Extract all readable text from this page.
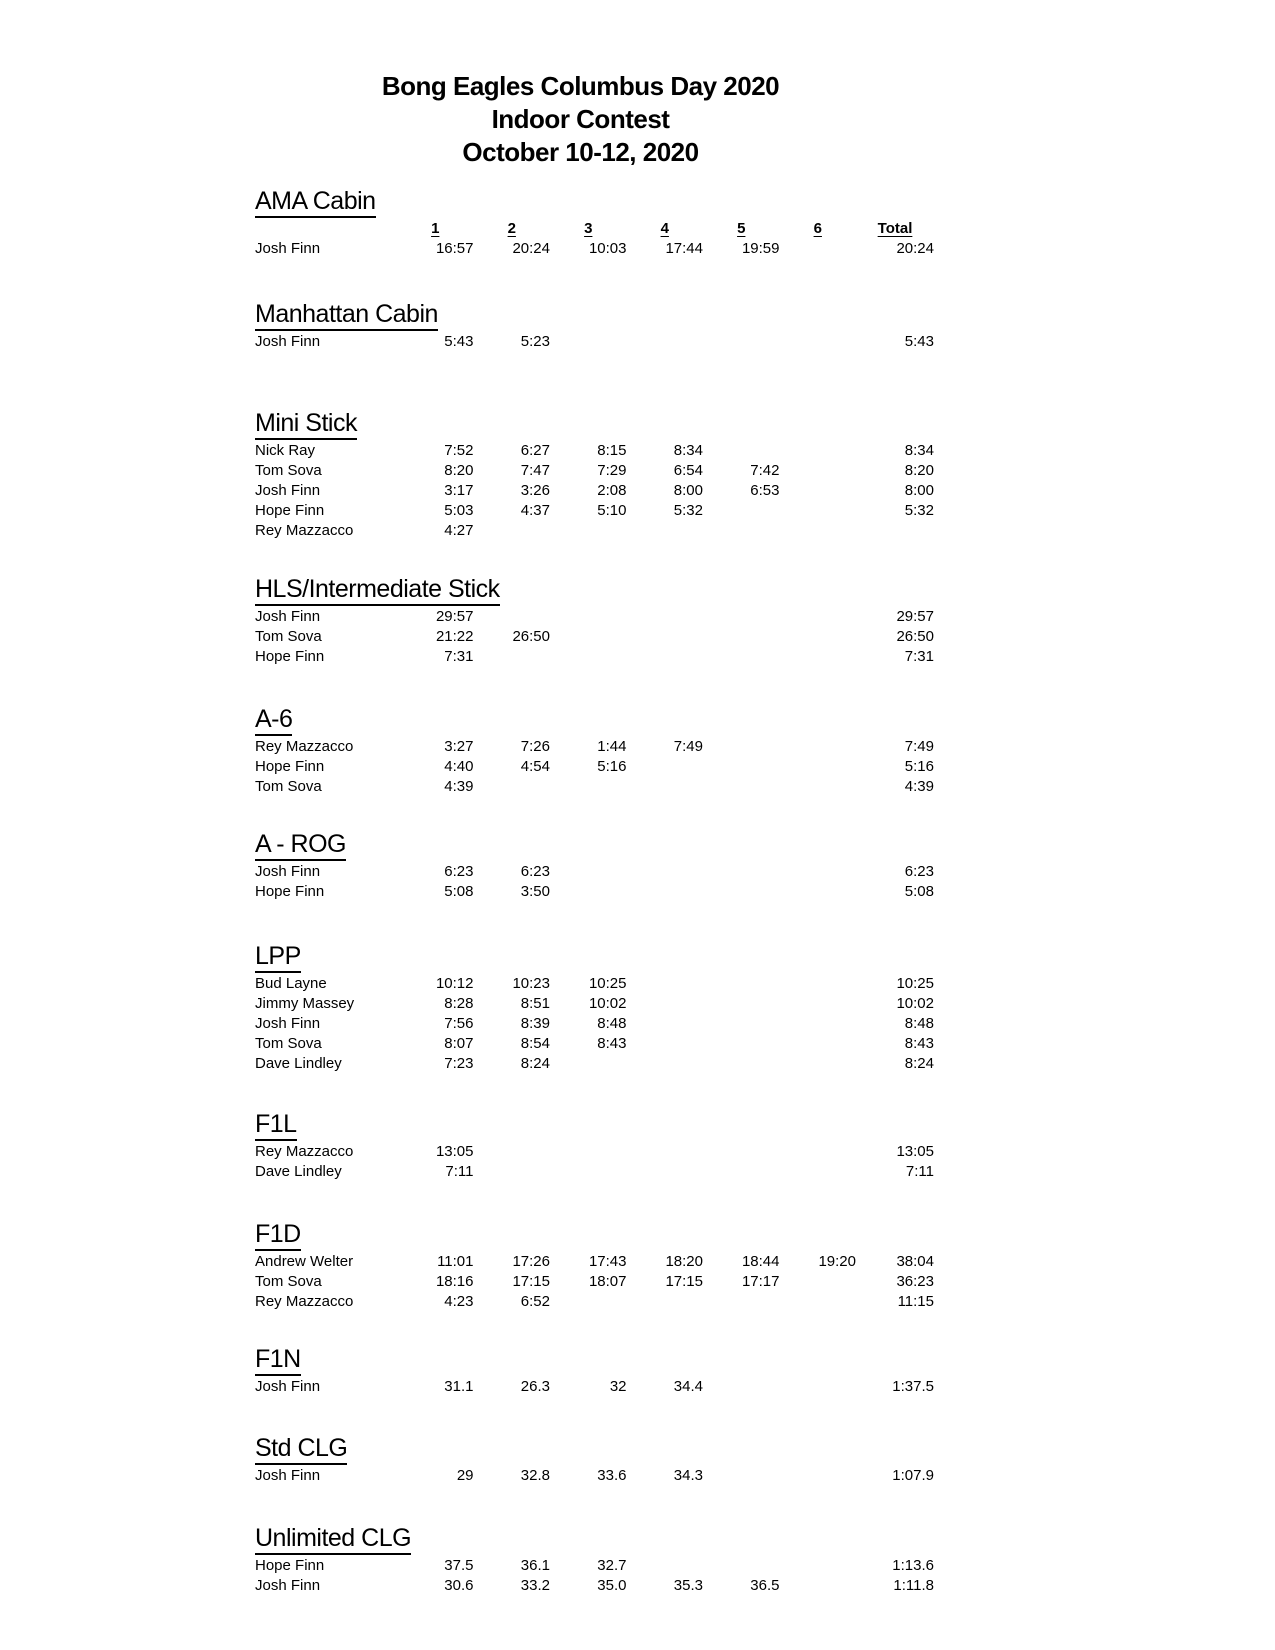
Bong Eagles Columbus Day 2020
Indoor Contest
October 10-12, 2020
AMA Cabin
	1	2	3	4	5	6	Total
Josh Finn	16:57	20:24	10:03	17:44	19:59		20:24
Manhattan Cabin
Josh Finn	5:43	5:23					5:43
Mini Stick
Nick Ray	7:52	6:27	8:15	8:34			8:34
Tom Sova	8:20	7:47	7:29	6:54	7:42		8:20
Josh Finn	3:17	3:26	2:08	8:00	6:53		8:00
Hope Finn	5:03	4:37	5:10	5:32			5:32
Rey Mazzacco	4:27						
HLS/Intermediate Stick
Josh Finn	29:57						29:57
Tom Sova	21:22	26:50					26:50
Hope Finn	7:31						7:31
A-6
Rey Mazzacco	3:27	7:26	1:44	7:49			7:49
Hope Finn	4:40	4:54	5:16				5:16
Tom Sova	4:39						4:39
A - ROG
Josh Finn	6:23	6:23					6:23
Hope Finn	5:08	3:50					5:08
LPP
Bud Layne	10:12	10:23	10:25				10:25
Jimmy Massey	8:28	8:51	10:02				10:02
Josh Finn	7:56	8:39	8:48				8:48
Tom Sova	8:07	8:54	8:43				8:43
Dave Lindley	7:23	8:24					8:24
F1L
Rey Mazzacco	13:05						13:05
Dave Lindley	7:11						7:11
F1D
Andrew Welter	11:01	17:26	17:43	18:20	18:44	19:20	38:04
Tom Sova	18:16	17:15	18:07	17:15	17:17		36:23
Rey Mazzacco	4:23	6:52					11:15
F1N
Josh Finn	31.1	26.3	32	34.4			1:37.5
Std CLG
Josh Finn	29	32.8	33.6	34.3			1:07.9
Unlimited CLG
Hope Finn	37.5	36.1	32.7				1:13.6
Josh Finn	30.6	33.2	35.0	35.3	36.5		1:11.8
